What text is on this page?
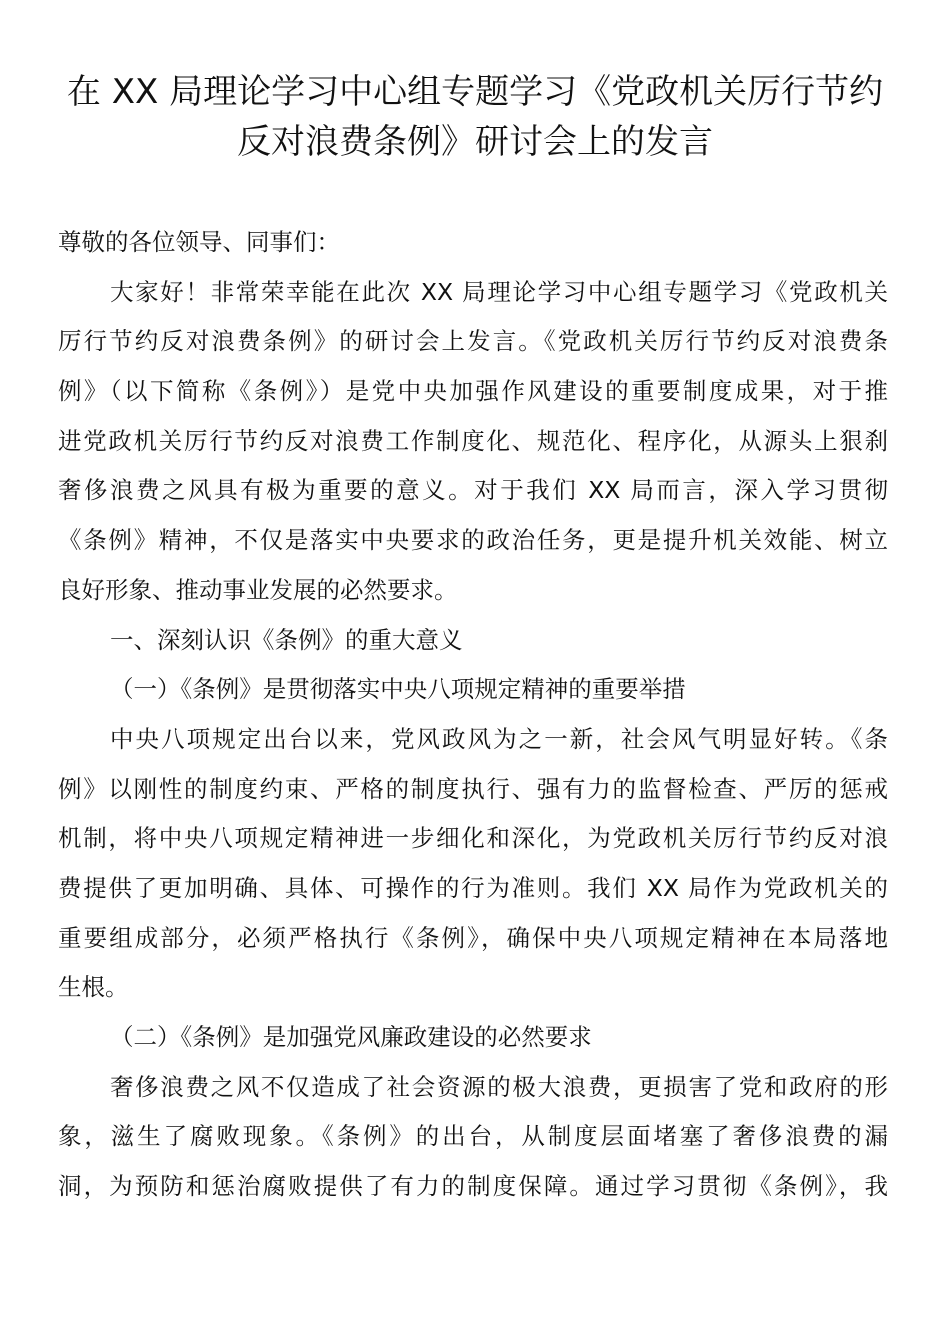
在 XX 局理论学习中心组专题学习《党政机关厉行节约
反对浪费条例》研讨会上的发言

尊敬的各位领导、同事们：

大家好！非常荣幸能在此次 XX 局理论学习中心组专题学习《党政机关

厉行节约反对浪费条例》的研讨会上发言。《党政机关厉行节约反对浪费条

例》（以下简称《条例》）是党中央加强作风建设的重要制度成果，对于推

进党政机关厉行节约反对浪费工作制度化、规范化、程序化，从源头上狠刹

奢侈浪费之风具有极为重要的意义。对于我们 XX 局而言，深入学习贯彻

《条例》精神，不仅是落实中央要求的政治任务，更是提升机关效能、树立

良好形象、推动事业发展的必然要求。

一、深刻认识《条例》的重大意义

（一）《条例》是贯彻落实中央八项规定精神的重要举措

中央八项规定出台以来，党风政风为之一新，社会风气明显好转。《条

例》以刚性的制度约束、严格的制度执行、强有力的监督检查、严厉的惩戒

机制，将中央八项规定精神进一步细化和深化，为党政机关厉行节约反对浪

费提供了更加明确、具体、可操作的行为准则。我们 XX 局作为党政机关的

重要组成部分，必须严格执行《条例》，确保中央八项规定精神在本局落地

生根。

（二）《条例》是加强党风廉政建设的必然要求

奢侈浪费之风不仅造成了社会资源的极大浪费，更损害了党和政府的形

象，滋生了腐败现象。《条例》的出台，从制度层面堵塞了奢侈浪费的漏

洞，为预防和惩治腐败提供了有力的制度保障。通过学习贯彻《条例》，我
